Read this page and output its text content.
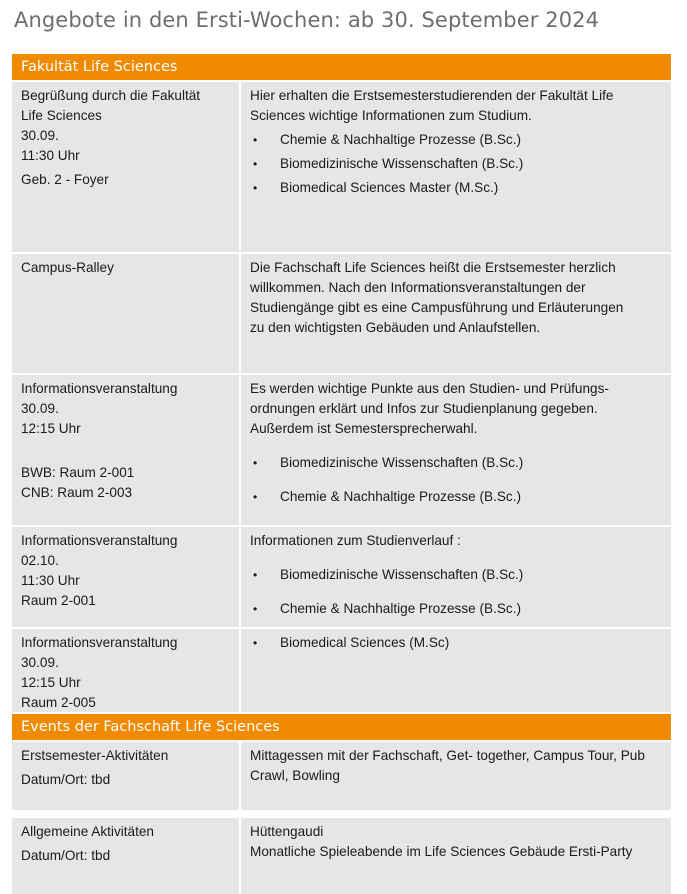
Angebote in den Ersti-Wochen: ab 30. September 2024
Fakultät Life Sciences
Begrüßung durch die Fakultät
Life Sciences
30.09.
11:30 Uhr
Geb. 2 - Foyer
Hier erhalten die Erstsemesterstudierenden der Fakultät Life
Sciences wichtige Informationen zum Studium.
• Chemie & Nachhaltige Prozesse (B.Sc.)
• Biomedizinische Wissenschaften (B.Sc.)
• Biomedical Sciences Master (M.Sc.)
Campus-Ralley	Die Fachschaft Life Sciences heißt die Erstsemester herzlich
willkommen. Nach den Informationsveranstaltungen der
Studiengänge gibt es eine Campusführung und Erläuterungen
zu den wichtigsten Gebäuden und Anlaufstellen.
Informationsveranstaltung
30.09.
12:15 Uhr
BWB: Raum 2-001
CNB: Raum 2-003
Es werden wichtige Punkte aus den Studien- und Prüfungs-
ordnungen erklärt und Infos zur Studienplanung gegeben.
Außerdem ist Semestersprecherwahl.
• Biomedizinische Wissenschaften (B.Sc.)
• Chemie & Nachhaltige Prozesse (B.Sc.)
Informationsveranstaltung
02.10.
11:30 Uhr
Raum 2-001
Informationen zum Studienverlauf :
• Biomedizinische Wissenschaften (B.Sc.)
• Chemie & Nachhaltige Prozesse (B.Sc.)
Informationsveranstaltung
30.09.
12:15 Uhr
Raum 2-005
• Biomedical Sciences (M.Sc)
Events der Fachschaft Life Sciences
Erstsemester-Aktivitäten
Datum/Ort: tbd
Mittagessen mit der Fachschaft, Get- together, Campus Tour, Pub
Crawl, Bowling
Allgemeine Aktivitäten
Datum/Ort: tbd
Hüttengaudi
Monatliche Spieleabende im Life Sciences Gebäude Ersti-Party
